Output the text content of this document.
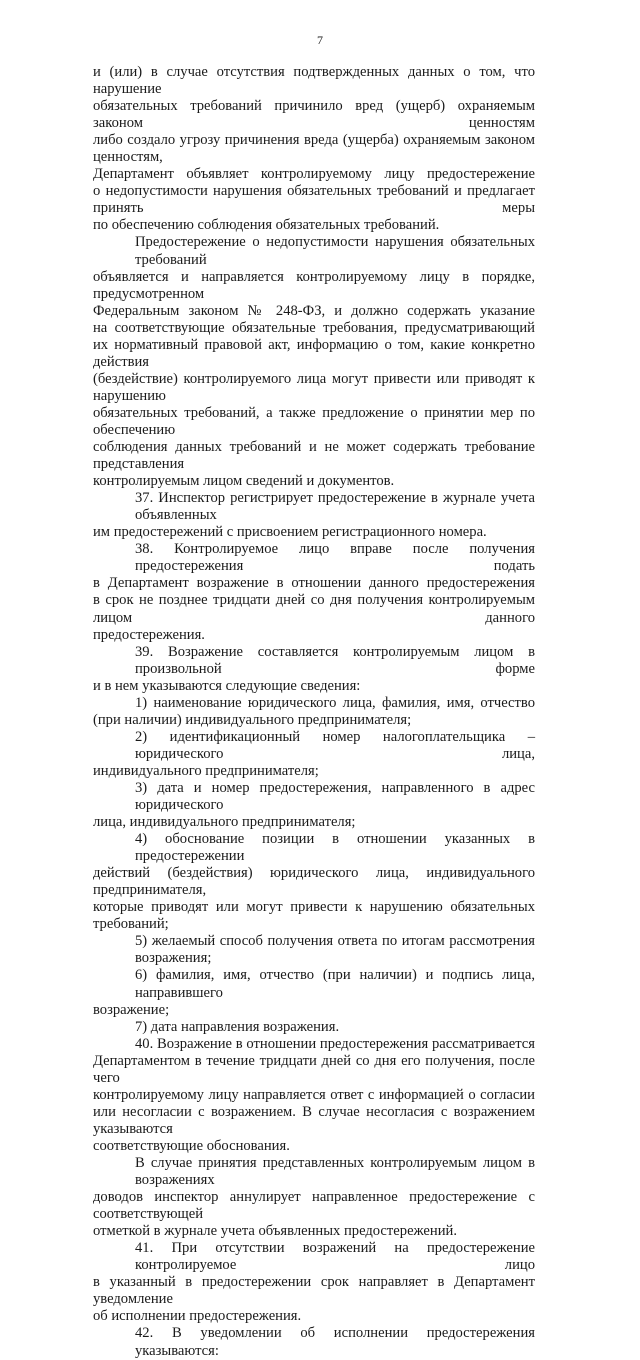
7
и (или) в случае отсутствия подтвержденных данных о том, что нарушение
обязательных требований причинило вред (ущерб) охраняемым законом ценностям
либо создало угрозу причинения вреда (ущерба) охраняемым законом ценностям,
Департамент объявляет контролируемому лицу предостережение
о недопустимости нарушения обязательных требований и предлагает принять меры
по обеспечению соблюдения обязательных требований.
Предостережение о недопустимости нарушения обязательных требований
объявляется и направляется контролируемому лицу в порядке, предусмотренном
Федеральным законом № 248-ФЗ, и должно содержать указание
на соответствующие обязательные требования, предусматривающий
их нормативный правовой акт, информацию о том, какие конкретно действия
(бездействие) контролируемого лица могут привести или приводят к нарушению
обязательных требований, а также предложение о принятии мер по обеспечению
соблюдения данных требований и не может содержать требование представления
контролируемым лицом сведений и документов.
37. Инспектор регистрирует предостережение в журнале учета объявленных
им предостережений с присвоением регистрационного номера.
38. Контролируемое лицо вправе после получения предостережения подать
в Департамент возражение в отношении данного предостережения
в срок не позднее тридцати дней со дня получения контролируемым лицом данного
предостережения.
39. Возражение составляется контролируемым лицом в произвольной форме
и в нем указываются следующие сведения:
1) наименование юридического лица, фамилия, имя, отчество
(при наличии) индивидуального предпринимателя;
2) идентификационный номер налогоплательщика – юридического лица,
индивидуального предпринимателя;
3) дата и номер предостережения, направленного в адрес юридического
лица, индивидуального предпринимателя;
4) обоснование позиции в отношении указанных в предостережении
действий (бездействия) юридического лица, индивидуального предпринимателя,
которые приводят или могут привести к нарушению обязательных требований;
5) желаемый способ получения ответа по итогам рассмотрения возражения;
6) фамилия, имя, отчество (при наличии) и подпись лица, направившего
возражение;
7) дата направления возражения.
40. Возражение в отношении предостережения рассматривается
Департаментом в течение тридцати дней со дня его получения, после чего
контролируемому лицу направляется ответ с информацией о согласии
или несогласии с возражением. В случае несогласия с возражением указываются
соответствующие обоснования.
В случае принятия представленных контролируемым лицом в возражениях
доводов инспектор аннулирует направленное предостережение с соответствующей
отметкой в журнале учета объявленных предостережений.
41. При отсутствии возражений на предостережение контролируемое лицо
в указанный в предостережении срок направляет в Департамент уведомление
об исполнении предостережения.
42. В уведомлении об исполнении предостережения указываются:
